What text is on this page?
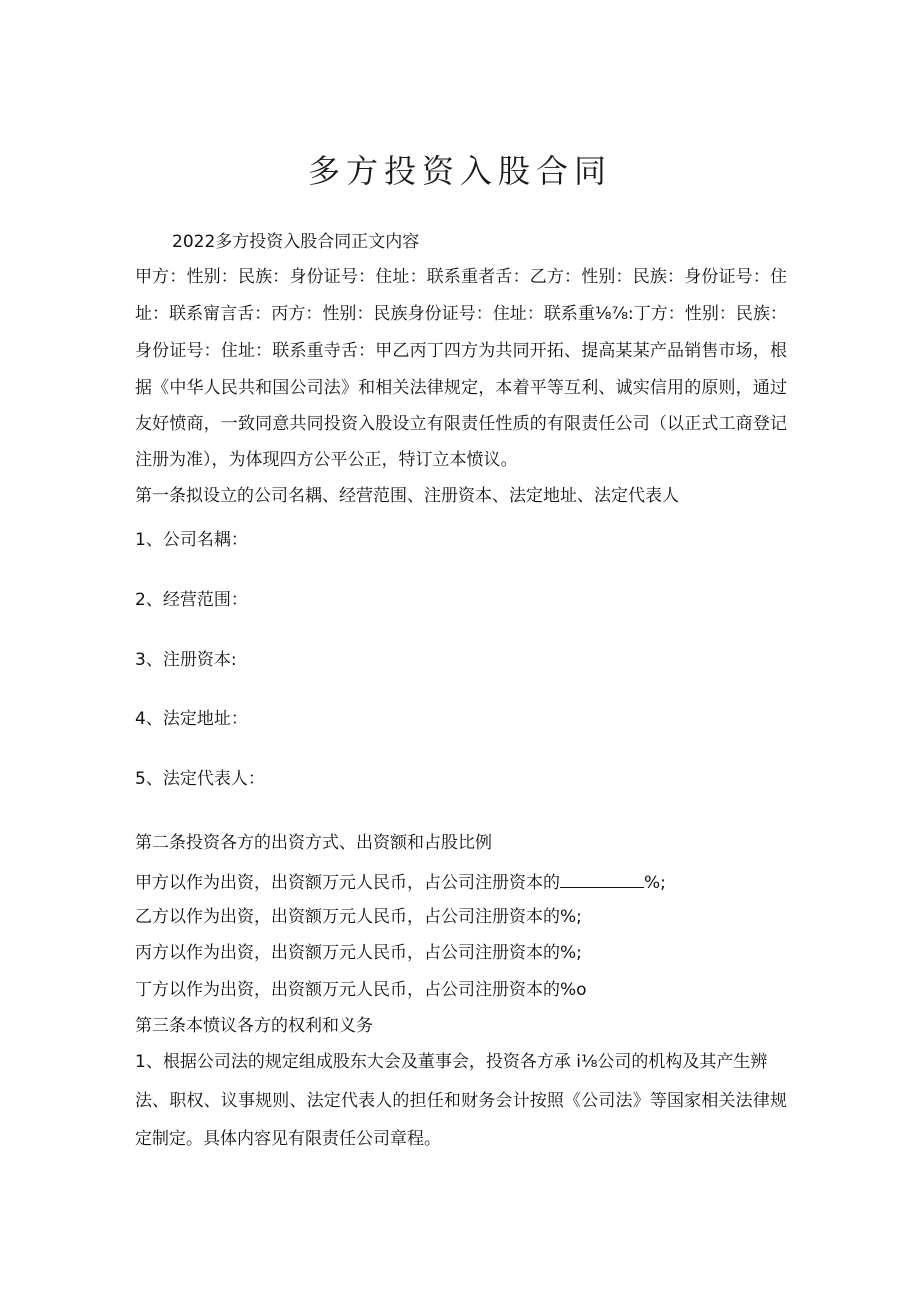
多方投资入股合同

2022多方投资入股合同正文内容

甲方：性别：民族：身份证号：住址：联系重者舌：乙方：性别：民族：身份证号：住

址：联系甯言舌：丙方：性别：民族身份证号：住址：联系重⅛⅞:丁方：性别：民族：

身份证号：住址：联系重寺舌：甲乙丙丁四方为共同开拓、提高某某产品销售市场，根

据《中华人民共和国公司法》和相关法律规定，本着平等互利、诚实信用的原则，通过

友好愤商，一致同意共同投资入股设立有限责任性质的有限责任公司（以正式工商登记

注册为准），为体现四方公平公正，特订立本愤议。

第一条拟设立的公司名耦、经营范围、注册资本、法定地址、法定代表人

1、公司名耦：

2、经营范围：

3、注册资本:

4、法定地址：

5、法定代表人：

第二条投资各方的出资方式、出资额和占股比例

甲方以作为出资，出资额万元人民币，占公司注册资本的	%;

乙方以作为出资，出资额万元人民币，占公司注册资本的%;

丙方以作为出资，出资额万元人民币，占公司注册资本的%;

丁方以作为出资，出资额万元人民币，占公司注册资本的%o

第三条本愤议各方的权利和义务

1、根据公司法的规定组成股东大会及董事会，投资各方承 i⅛公司的机构及其产生辨

法、职权、议事规则、法定代表人的担任和财务会计按照《公司法》等国家相关法律规

定制定。具体内容见有限责任公司章程。
